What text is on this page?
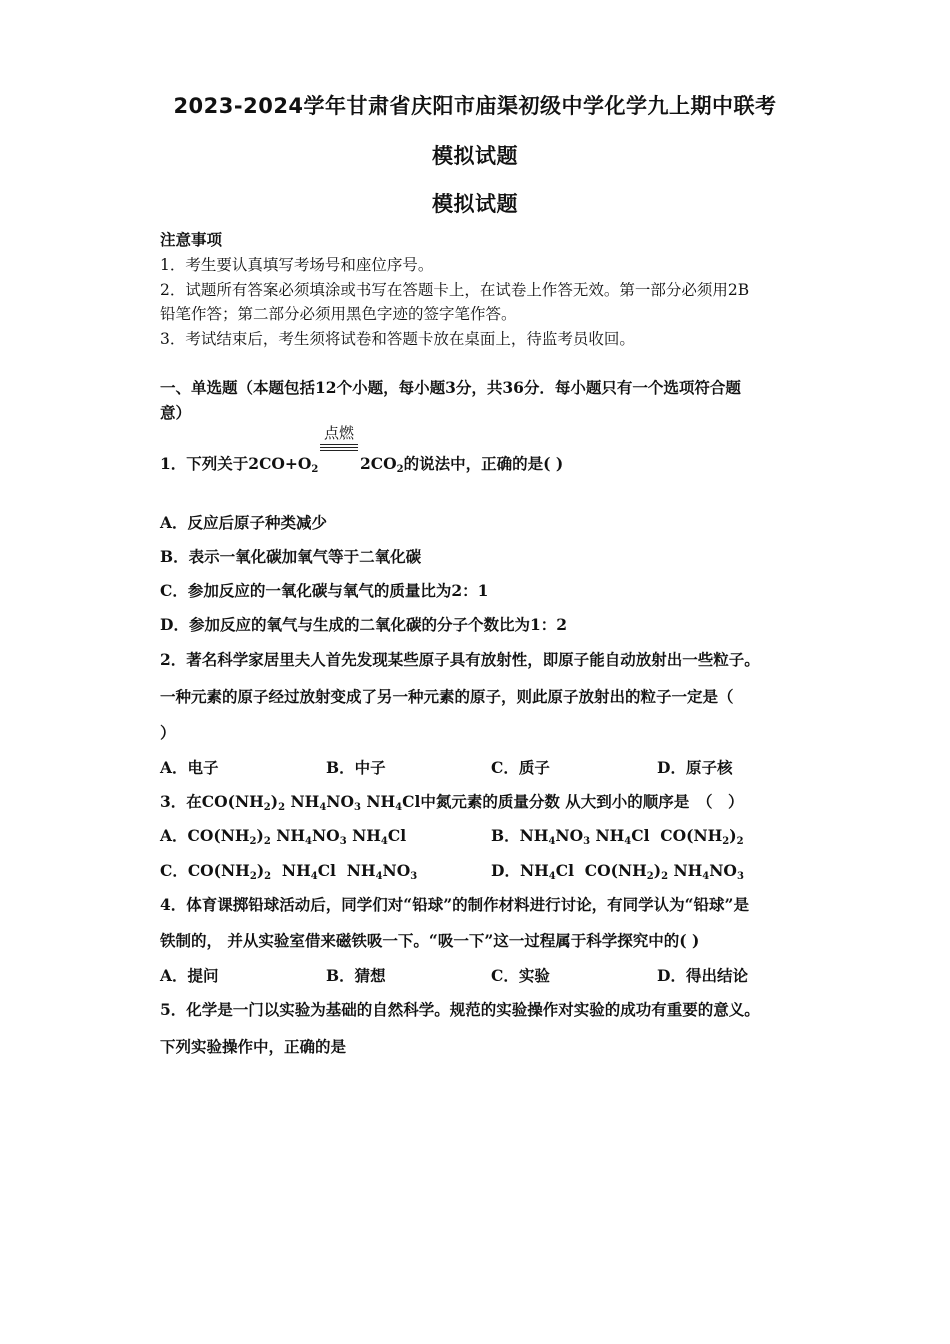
2023-2024学年甘肃省庆阳市庙渠初级中学化学九上期中联考
模拟试题
模拟试题
注意事项
1．考生要认真填写考场号和座位序号。
2．试题所有答案必须填涂或书写在答题卡上，在试卷上作答无效。第一部分必须用2B
铅笔作答；第二部分必须用黑色字迹的签字笔作答。
3．考试结束后，考生须将试卷和答题卡放在桌面上，待监考员收回。
一、单选题（本题包括12个小题，每小题3分，共36分．每小题只有一个选项符合题
意）
1．下列关于$2CO+O_2$
点燃
$2CO_2$的说法中，正确的是( )
A．反应后原子种类减少
B．表示一氧化碳加氧气等于二氧化碳
C．参加反应的一氧化碳与氧气的质量比为2：1
D．参加反应的氧气与生成的二氧化碳的分子个数比为1：2
2．著名科学家居里夫人首先发现某些原子具有放射性，即原子能自动放射出一些粒子。
一种元素的原子经过放射变成了另一种元素的原子，则此原子放射出的粒子一定是（
）
A．电子	B．中子	C．质子	D．原子核
3．在$CO(NH_2)_2$ $NH_4NO_3$ $NH_4Cl$中氮元素的质量分数 从大到小的顺序是　（　）
A．$CO(NH_2)_2$ $NH_4NO_3$ $NH_4Cl$	B．$NH_4NO_3$ $NH_4Cl$ $CO(NH_2)_2$
C．$CO(NH_2)_2$ $NH_4Cl$ $NH_4NO_3$	D．$NH_4Cl$ $CO(NH_2)_2$ $NH_4NO_3$
4．体育课掷铅球活动后，同学们对“铅球”的制作材料进行讨论，有同学认为“铅球”是
铁制的， 并从实验室借来磁铁吸一下。“吸一下”这一过程属于科学探究中的( )
A．提问	B．猜想	C．实验	D．得出结论
5．化学是一门以实验为基础的自然科学。规范的实验操作对实验的成功有重要的意义。
下列实验操作中，正确的是
